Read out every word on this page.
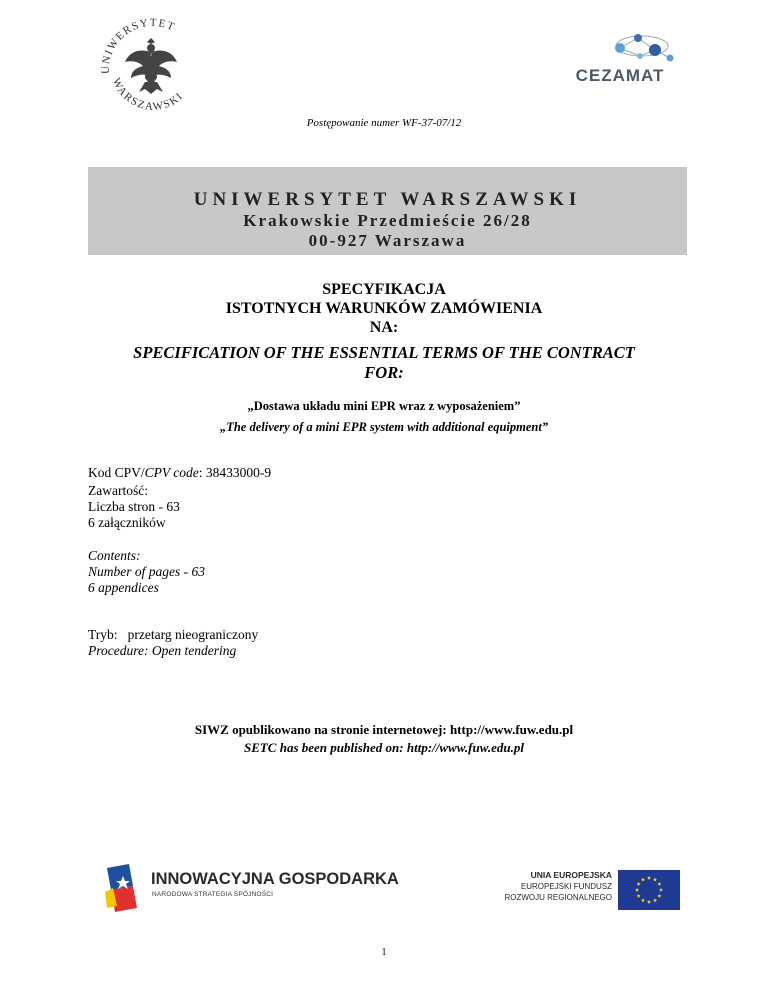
UNIWERSYTET
WARSZAWSKI
CEZAMAT
Postępowanie numer WF-37-07/12
UNIWERSYTET WARSZAWSKI
Krakowskie Przedmieście 26/28
00-927 Warszawa
SPECYFIKACJA
ISTOTNYCH WARUNKÓW ZAMÓWIENIA
NA:
SPECIFICATION OF THE ESSENTIAL TERMS OF THE CONTRACT
FOR:
„Dostawa układu mini EPR wraz z wyposażeniem”
„The delivery of a mini EPR system with additional equipment”
Kod CPV/CPV code: 38433000-9
Zawartość:
Liczba stron - 63
6 załączników
Contents:
Number of pages - 63
6 appendices
Tryb:   przetarg nieograniczony
Procedure: Open tendering
SIWZ opublikowano na stronie internetowej: http://www.fuw.edu.pl
SETC has been published on: http://www.fuw.edu.pl
INNOWACYJNA GOSPODARKA
NARODOWA STRATEGIA SPÓJNOŚCI
UNIA EUROPEJSKA
EUROPEJSKI FUNDUSZ
ROZWOJU REGIONALNEGO
1
